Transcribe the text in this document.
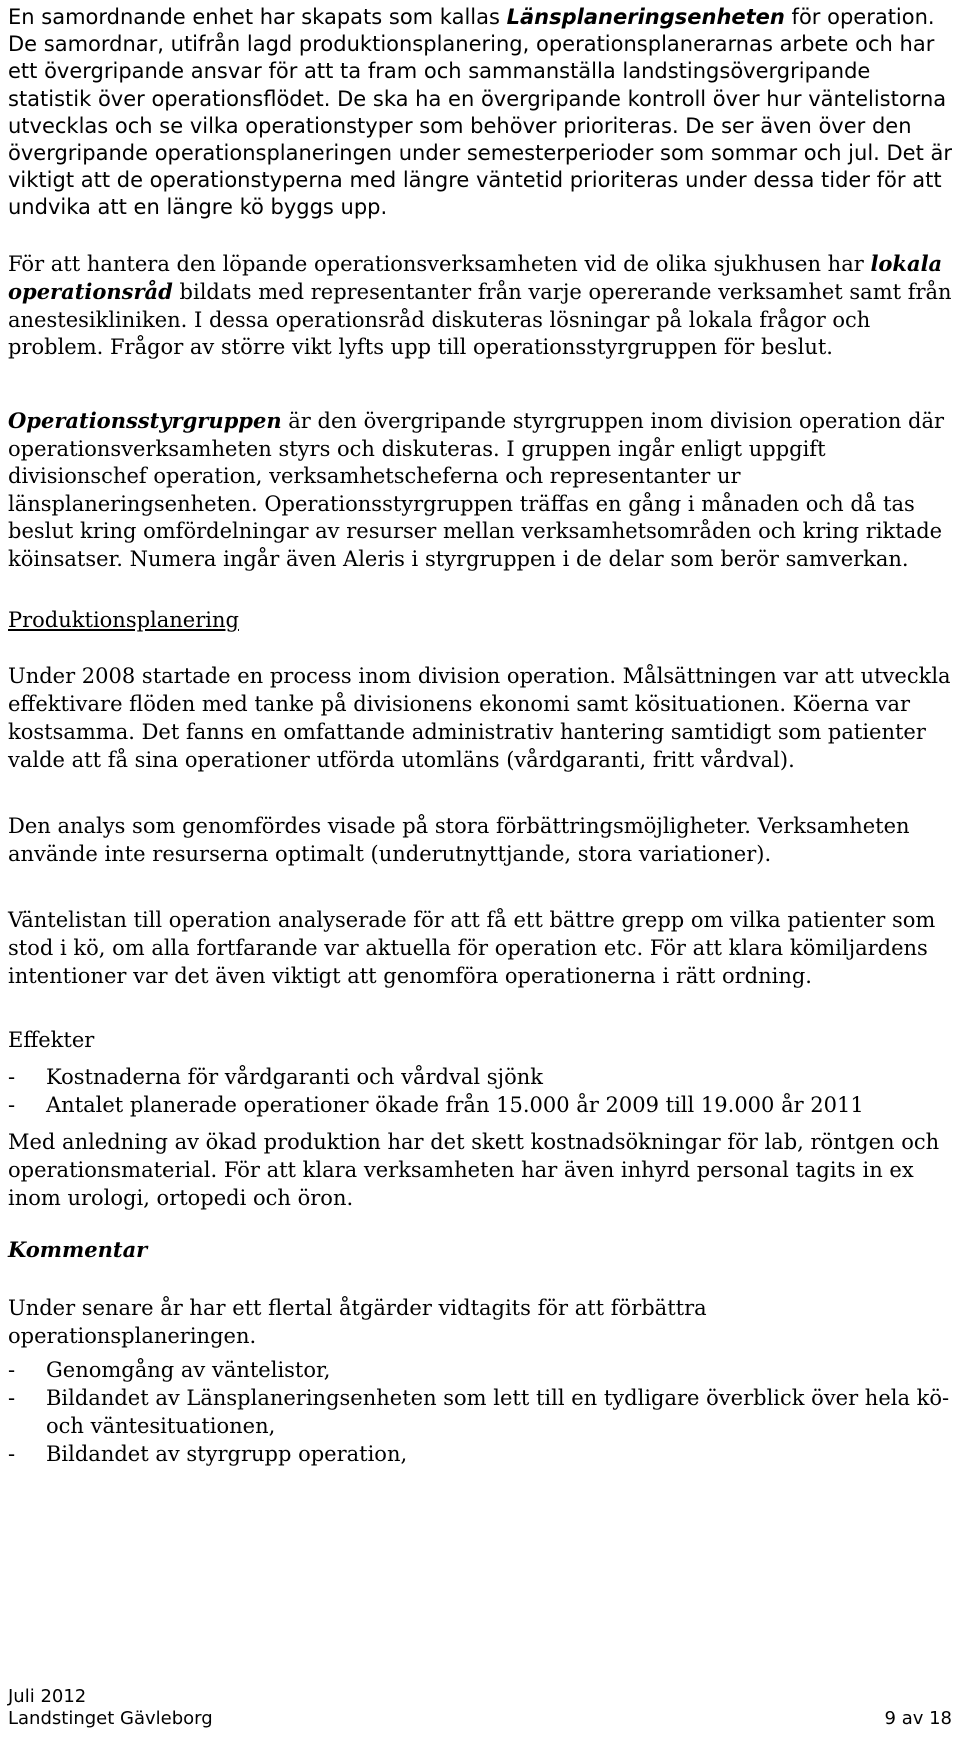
En samordnande enhet har skapats som kallas Länsplaneringsenheten för operation. De samordnar, utifrån lagd produktionsplanering, operationsplanerarnas arbete och har ett övergripande ansvar för att ta fram och sammanställa landstingsövergripande statistik över operationsflödet. De ska ha en övergripande kontroll över hur väntelistorna utvecklas och se vilka operationstyper som behöver prioriteras. De ser även över den övergripande operationsplaneringen under semesterperioder som sommar och jul. Det är viktigt att de operationstyperna med längre väntetid prioriteras under dessa tider för att undvika att en längre kö byggs upp.

För att hantera den löpande operationsverksamheten vid de olika sjukhusen har lokala operationsråd bildats med representanter från varje opererande verksamhet samt från anestesikliniken. I dessa operationsråd diskuteras lösningar på lokala frågor och problem. Frågor av större vikt lyfts upp till operationsstyrgruppen för beslut.

Operationsstyrgruppen är den övergripande styrgruppen inom division operation där operationsverksamheten styrs och diskuteras. I gruppen ingår enligt uppgift divisionschef operation, verksamhetscheferna och representanter ur länsplaneringsenheten. Operationsstyrgruppen träffas en gång i månaden och då tas beslut kring omfördelningar av resurser mellan verksamhetsområden och kring riktade köinsatser. Numera ingår även Aleris i styrgruppen i de delar som berör samverkan.

Produktionsplanering

Under 2008 startade en process inom division operation. Målsättningen var att utveckla effektivare flöden med tanke på divisionens ekonomi samt kösituationen. Köerna var kostsamma. Det fanns en omfattande administrativ hantering samtidigt som patienter valde att få sina operationer utförda utomläns (vårdgaranti, fritt vårdval).

Den analys som genomfördes visade på stora förbättringsmöjligheter. Verksamheten använde inte resurserna optimalt (underutnyttjande, stora variationer).

Väntelistan till operation analyserade för att få ett bättre grepp om vilka patienter som stod i kö, om alla fortfarande var aktuella för operation etc. För att klara kömiljardens intentioner var det även viktigt att genomföra operationerna i rätt ordning.

Effekter

-	Kostnaderna för vårdgaranti och vårdval sjönk
-	Antalet planerade operationer ökade från 15.000 år 2009 till 19.000 år 2011

Med anledning av ökad produktion har det skett kostnadsökningar för lab, röntgen och operationsmaterial. För att klara verksamheten har även inhyrd personal tagits in ex inom urologi, ortopedi och öron.

Kommentar

Under senare år har ett flertal åtgärder vidtagits för att förbättra operationsplaneringen.

-	Genomgång av väntelistor,
-	Bildandet av Länsplaneringsenheten som lett till en tydligare överblick över hela kö- och väntesituationen,
-	Bildandet av styrgrupp operation,
Juli 2012
Landstinget Gävleborg	9 av 18
